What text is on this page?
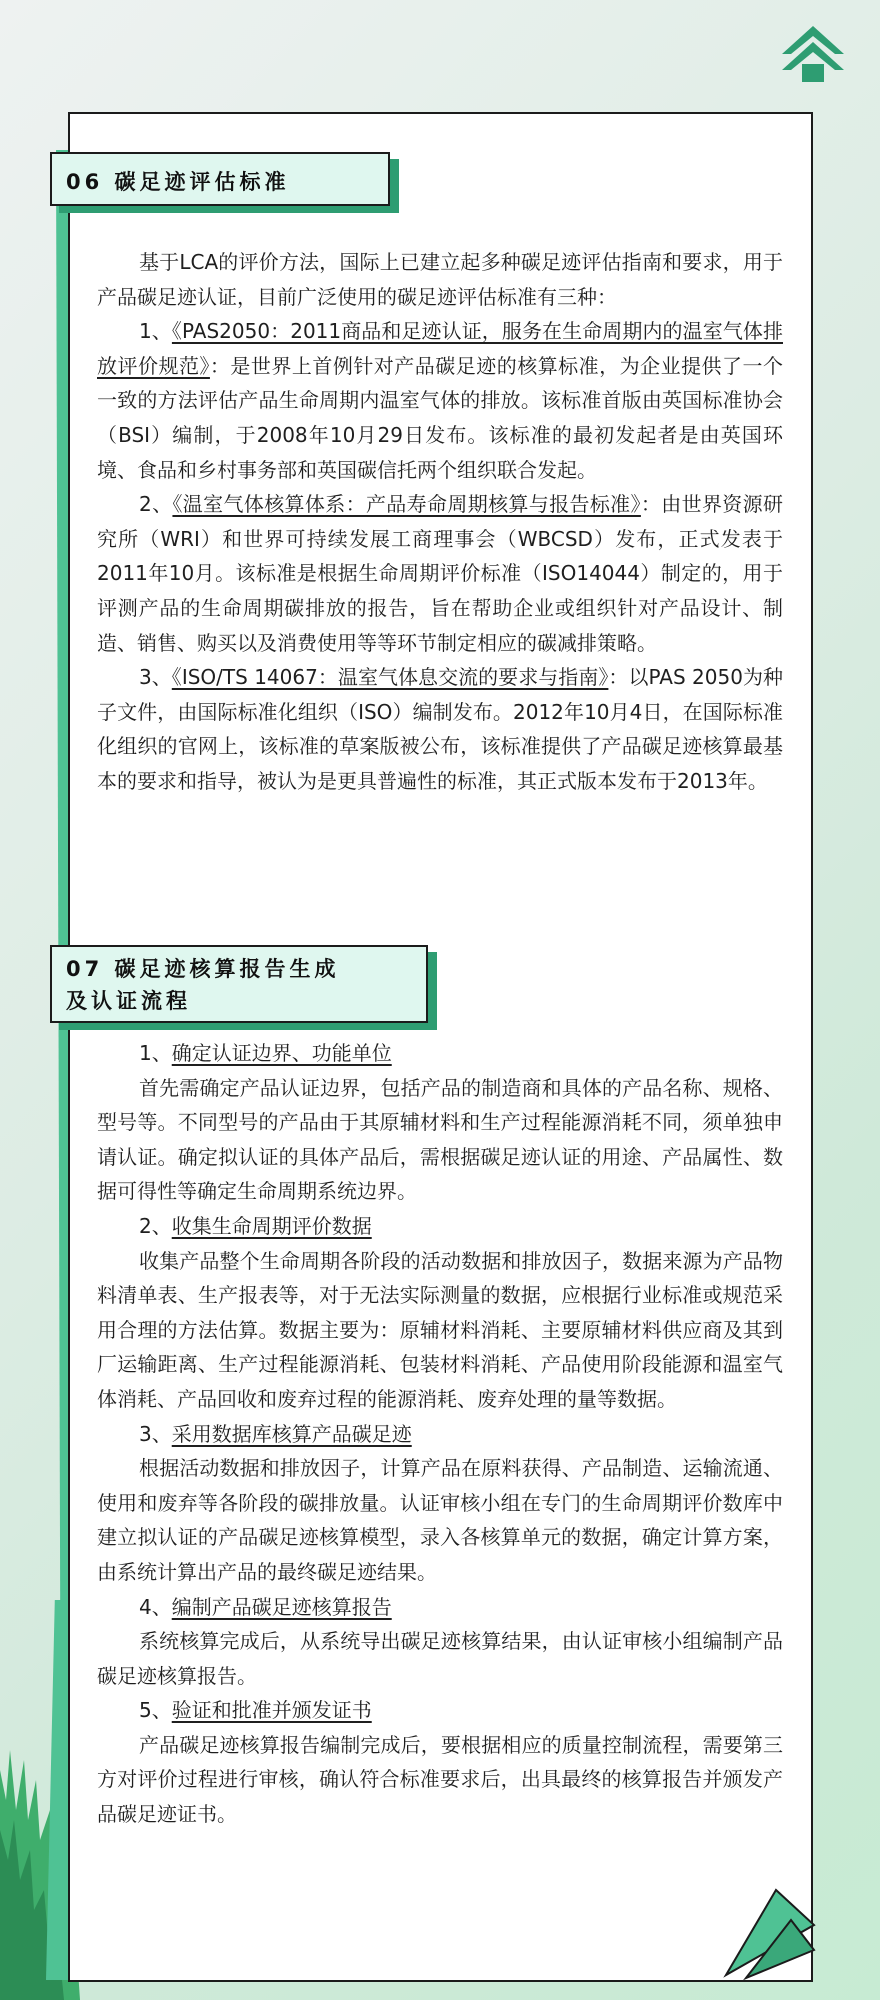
06 碳足迹评估标准

基于LCA的评价方法，国际上已建立起多种碳足迹评估指南和要求，用于产品碳足迹认证，目前广泛使用的碳足迹评估标准有三种：

1、《PAS2050：2011商品和足迹认证，服务在生命周期内的温室气体排放评价规范》：是世界上首例针对产品碳足迹的核算标准，为企业提供了一个一致的方法评估产品生命周期内温室气体的排放。该标准首版由英国标准协会（BSI）编制，于2008年10月29日发布。该标准的最初发起者是由英国环境、食品和乡村事务部和英国碳信托两个组织联合发起。

2、《温室气体核算体系：产品寿命周期核算与报告标准》：由世界资源研究所（WRI）和世界可持续发展工商理事会（WBCSD）发布，正式发表于2011年10月。该标准是根据生命周期评价标准（ISO14044）制定的，用于评测产品的生命周期碳排放的报告，旨在帮助企业或组织针对产品设计、制造、销售、购买以及消费使用等等环节制定相应的碳减排策略。

3、《ISO/TS 14067：温室气体息交流的要求与指南》：以PAS 2050为种子文件，由国际标准化组织（ISO）编制发布。2012年10月4日，在国际标准化组织的官网上，该标准的草案版被公布，该标准提供了产品碳足迹核算最基本的要求和指导，被认为是更具普遍性的标准，其正式版本发布于2013年。

07 碳足迹核算报告生成
及认证流程

1、确定认证边界、功能单位

首先需确定产品认证边界，包括产品的制造商和具体的产品名称、规格、型号等。不同型号的产品由于其原辅材料和生产过程能源消耗不同，须单独申请认证。确定拟认证的具体产品后，需根据碳足迹认证的用途、产品属性、数据可得性等确定生命周期系统边界。

2、收集生命周期评价数据

收集产品整个生命周期各阶段的活动数据和排放因子，数据来源为产品物料清单表、生产报表等，对于无法实际测量的数据，应根据行业标准或规范采用合理的方法估算。数据主要为：原辅材料消耗、主要原辅材料供应商及其到厂运输距离、生产过程能源消耗、包装材料消耗、产品使用阶段能源和温室气体消耗、产品回收和废弃过程的能源消耗、废弃处理的量等数据。

3、采用数据库核算产品碳足迹

根据活动数据和排放因子，计算产品在原料获得、产品制造、运输流通、使用和废弃等各阶段的碳排放量。认证审核小组在专门的生命周期评价数库中建立拟认证的产品碳足迹核算模型，录入各核算单元的数据，确定计算方案，由系统计算出产品的最终碳足迹结果。

4、编制产品碳足迹核算报告

系统核算完成后，从系统导出碳足迹核算结果，由认证审核小组编制产品碳足迹核算报告。

5、验证和批准并颁发证书

产品碳足迹核算报告编制完成后，要根据相应的质量控制流程，需要第三方对评价过程进行审核，确认符合标准要求后，出具最终的核算报告并颁发产品碳足迹证书。
